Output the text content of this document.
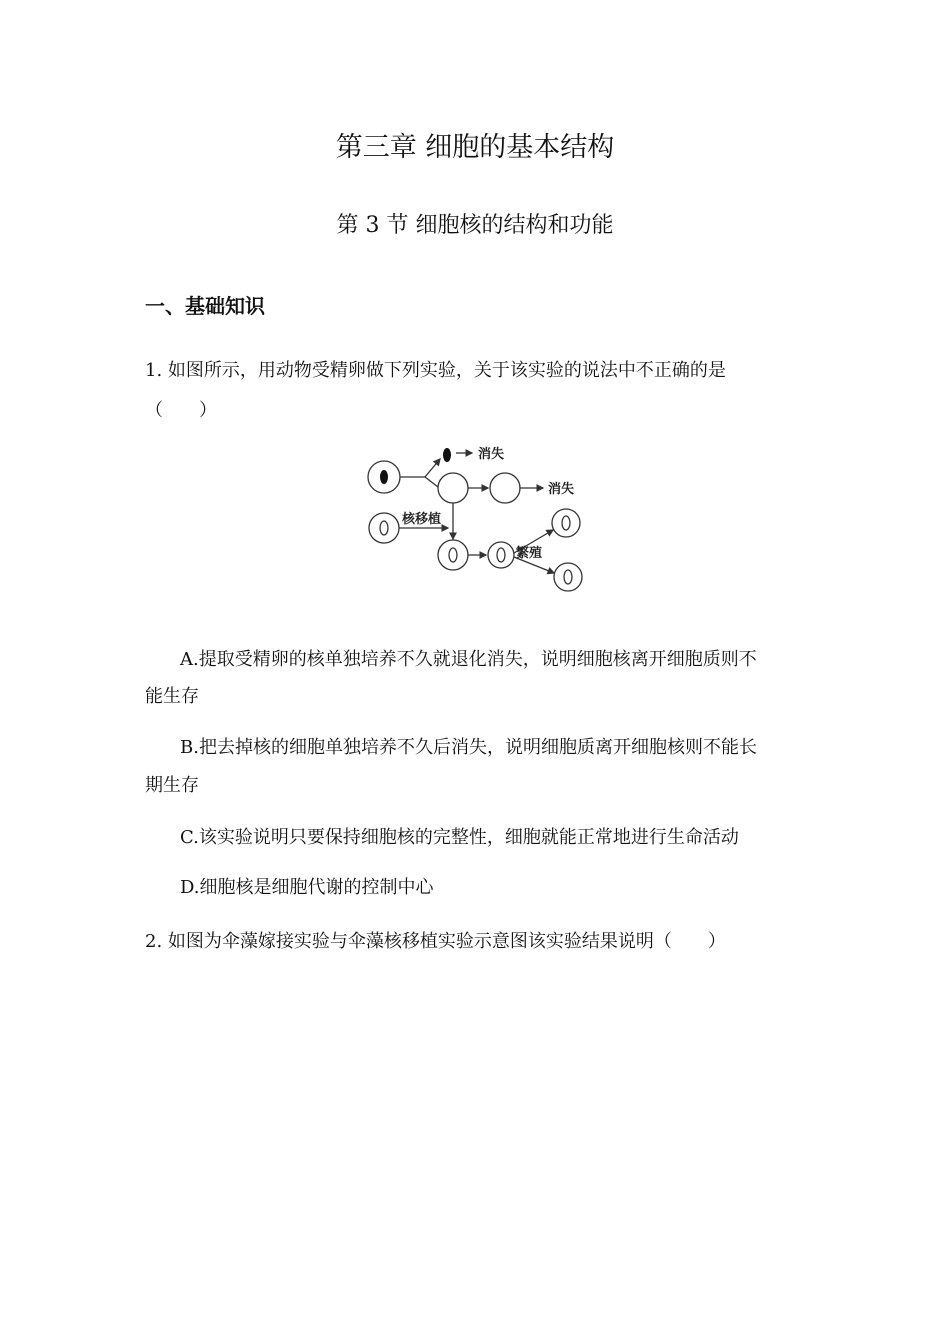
第三章 细胞的基本结构
第 3 节 细胞核的结构和功能
一、基础知识
1. 如图所示，用动物受精卵做下列实验，关于该实验的说法中不正确的是
（　　）
消失
消失
核移植
繁殖
A.提取受精卵的核单独培养不久就退化消失，说明细胞核离开细胞质则不
能生存
B.把去掉核的细胞单独培养不久后消失，说明细胞质离开细胞核则不能长
期生存
C.该实验说明只要保持细胞核的完整性，细胞就能正常地进行生命活动
D.细胞核是细胞代谢的控制中心
2. 如图为伞藻嫁接实验与伞藻核移植实验示意图该实验结果说明（　　）
